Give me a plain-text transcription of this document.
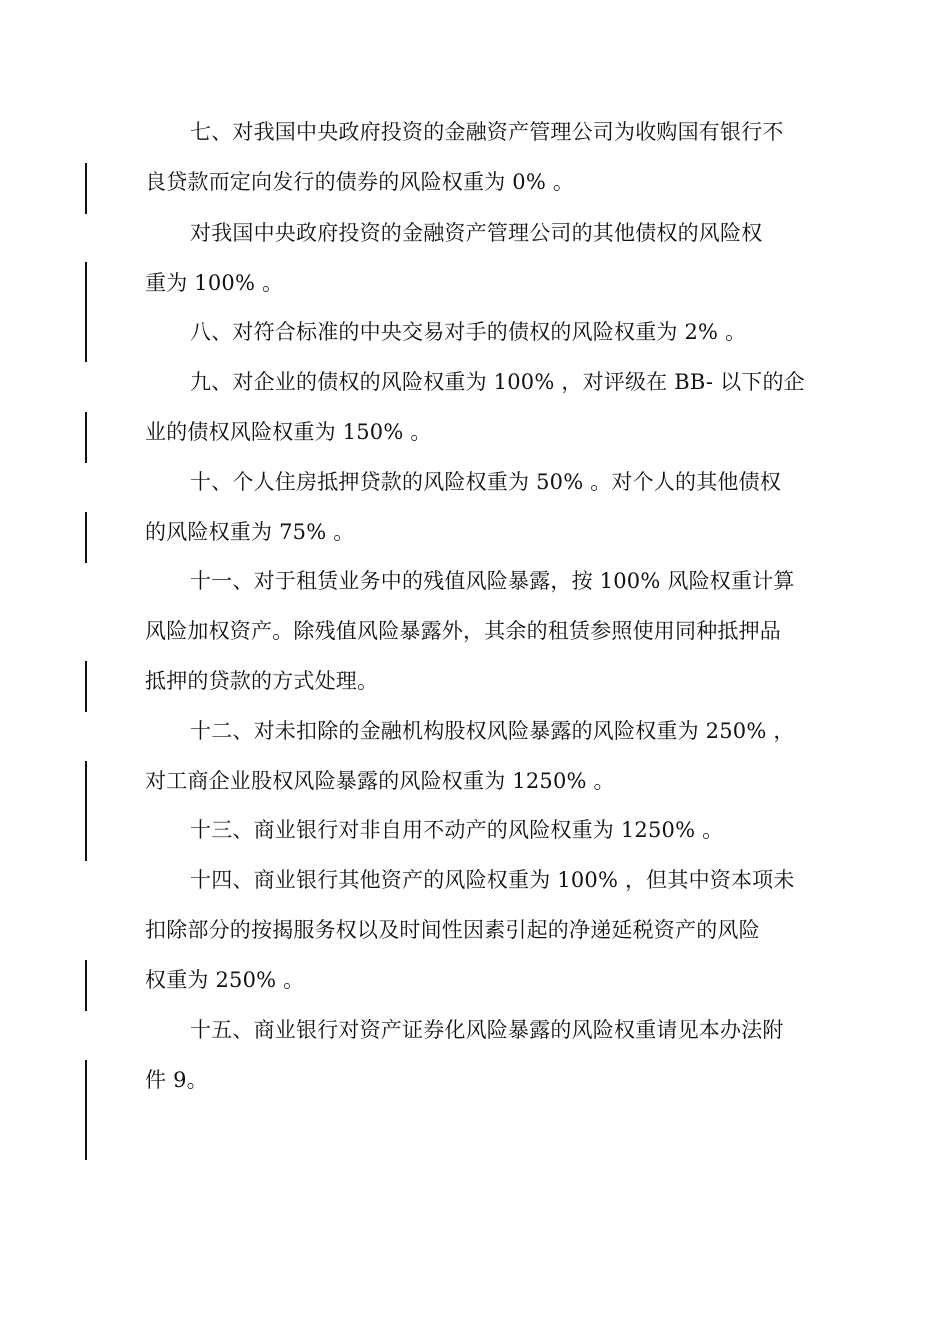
七、对我国中央政府投资的金融资产管理公司为收购国有银行不
良贷款而定向发行的债券的风险权重为 0% 。
对我国中央政府投资的金融资产管理公司的其他债权的风险权
重为 100% 。
八、对符合标准的中央交易对手的债权的风险权重为 2% 。
九、对企业的债权的风险权重为 100% ，对评级在 BB- 以下的企
业的债权风险权重为 150% 。
十、个人住房抵押贷款的风险权重为 50% 。对个人的其他债权
的风险权重为 75% 。
十一、对于租赁业务中的残值风险暴露，按 100% 风险权重计算
风险加权资产。除残值风险暴露外，其余的租赁参照使用同种抵押品
抵押的贷款的方式处理。
十二、对未扣除的金融机构股权风险暴露的风险权重为 250% ，
对工商企业股权风险暴露的风险权重为 1250% 。
十三、商业银行对非自用不动产的风险权重为 1250% 。
十四、商业银行其他资产的风险权重为 100% ，但其中资本项未
扣除部分的按揭服务权以及时间性因素引起的净递延税资产的风险
权重为 250% 。
十五、商业银行对资产证券化风险暴露的风险权重请见本办法附
件 9。
